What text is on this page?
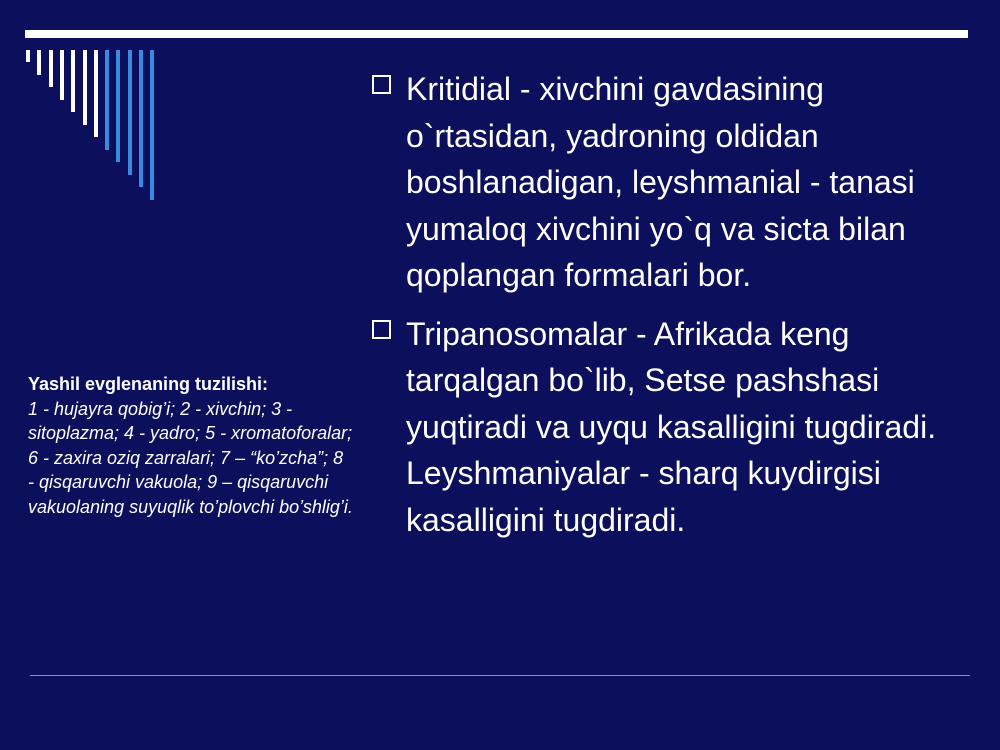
Yashil evglenaning tuzilishi:
1 - hujayra qobig’i; 2 - xivchin; 3 - sitoplazma; 4 - yadro; 5 - xromatoforalar; 6 - zaxira oziq zarralari; 7 – “ko’zcha”; 8 - qisqaruvchi vakuola; 9 – qisqaruvchi vakuolaning suyuqlik to’plovchi bo’shlig’i.
Kritidial - xivchini gavdasining o`rtasidan, yadroning oldidan boshlanadigan, leyshmanial - tanasi yumaloq xivchini yo`q va sicta bilan qoplangan formalari bor.
Tripanosomalar - Afrikada keng tarqalgan bo`lib, Setse pashshasi yuqtiradi va uyqu kasalligini tugdiradi. Leyshmaniyalar - sharq kuydirgisi kasalligini tugdiradi.
